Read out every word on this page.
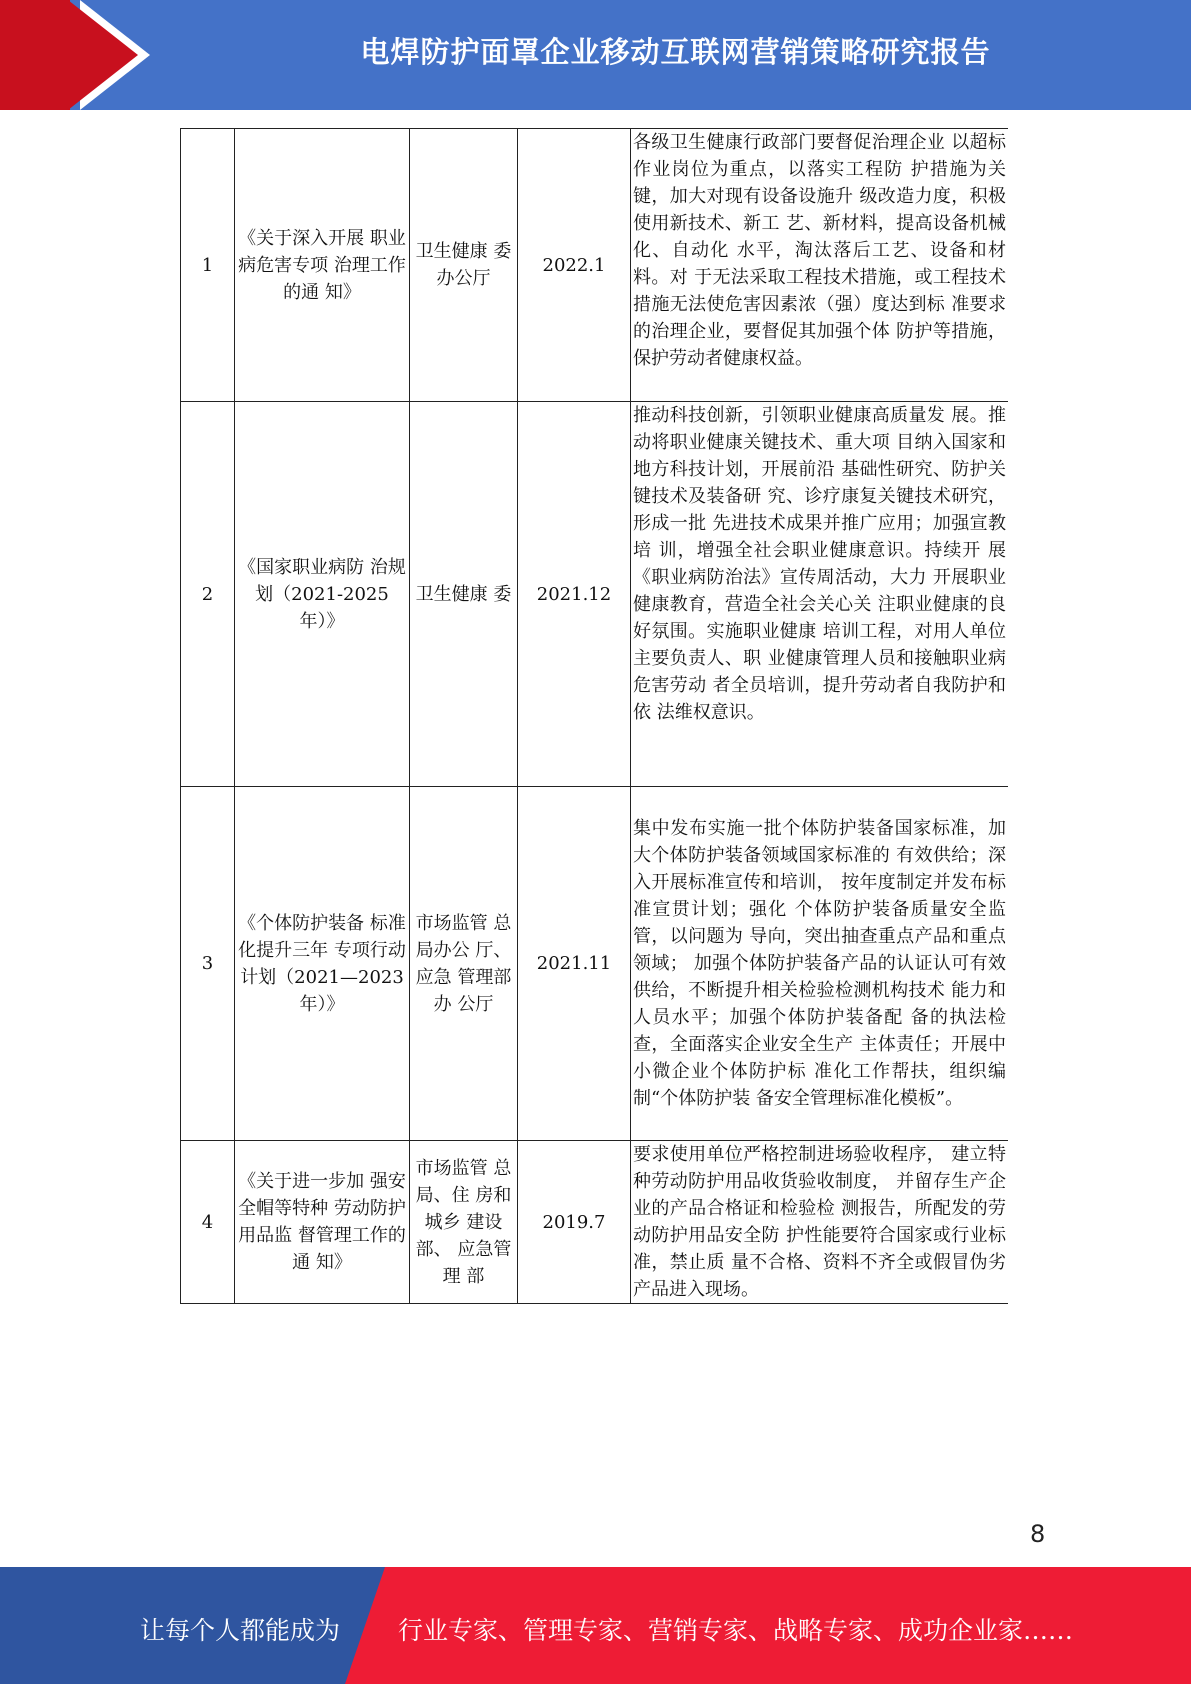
电焊防护面罩企业移动互联网营销策略研究报告
1	《关于深入开展 职业病危害专项 治理工作的通 知》	卫生健康 委办公厅	2022.1	各级卫生健康行政部门要督促治理企业 以超标作业岗位为重点，以落实工程防 护措施为关键，加大对现有设备设施升 级改造力度，积极使用新技术、新工 艺、新材料，提高设备机械化、自动化 水平，淘汰落后工艺、设备和材料。对 于无法采取工程技术措施，或工程技术 措施无法使危害因素浓（强）度达到标 准要求的治理企业，要督促其加强个体 防护等措施，保护劳动者健康权益。
2	《国家职业病防 治规划（2021-2025 年）》	卫生健康 委	2021.12	推动科技创新，引领职业健康高质量发 展。推动将职业健康关键技术、重大项 目纳入国家和地方科技计划，开展前沿 基础性研究、防护关键技术及装备研 究、诊疗康复关键技术研究，形成一批 先进技术成果并推广应用；加强宣教培 训，增强全社会职业健康意识。持续开 展《职业病防治法》宣传周活动，大力 开展职业健康教育，营造全社会关心关 注职业健康的良好氛围。实施职业健康 培训工程，对用人单位主要负责人、职 业健康管理人员和接触职业病危害劳动 者全员培训，提升劳动者自我防护和依 法维权意识。
3	《个体防护装备 标准化提升三年 专项行动计划（2021—2023 年）》	市场监管 总局办公 厅、应急 管理部办 公厅	2021.11	集中发布实施一批个体防护装备国家标准，加大个体防护装备领域国家标准的 有效供给；深入开展标准宣传和培训， 按年度制定并发布标准宣贯计划；强化 个体防护装备质量安全监管，以问题为 导向，突出抽查重点产品和重点领域； 加强个体防护装备产品的认证认可有效 供给，不断提升相关检验检测机构技术 能力和人员水平；加强个体防护装备配 备的执法检查，全面落实企业安全生产 主体责任；开展中小微企业个体防护标 准化工作帮扶，组织编制“个体防护装 备安全管理标准化模板”。
4	《关于进一步加 强安全帽等特种 劳动防护用品监 督管理工作的通 知》	市场监管 总局、住 房和城乡 建设部、 应急管理 部	2019.7	要求使用单位严格控制进场验收程序， 建立特种劳动防护用品收货验收制度， 并留存生产企业的产品合格证和检验检 测报告，所配发的劳动防护用品安全防 护性能要符合国家或行业标准，禁止质 量不合格、资料不齐全或假冒伪劣产品进入现场。
8
让每个人都能成为 行业专家、管理专家、营销专家、战略专家、成功企业家……
